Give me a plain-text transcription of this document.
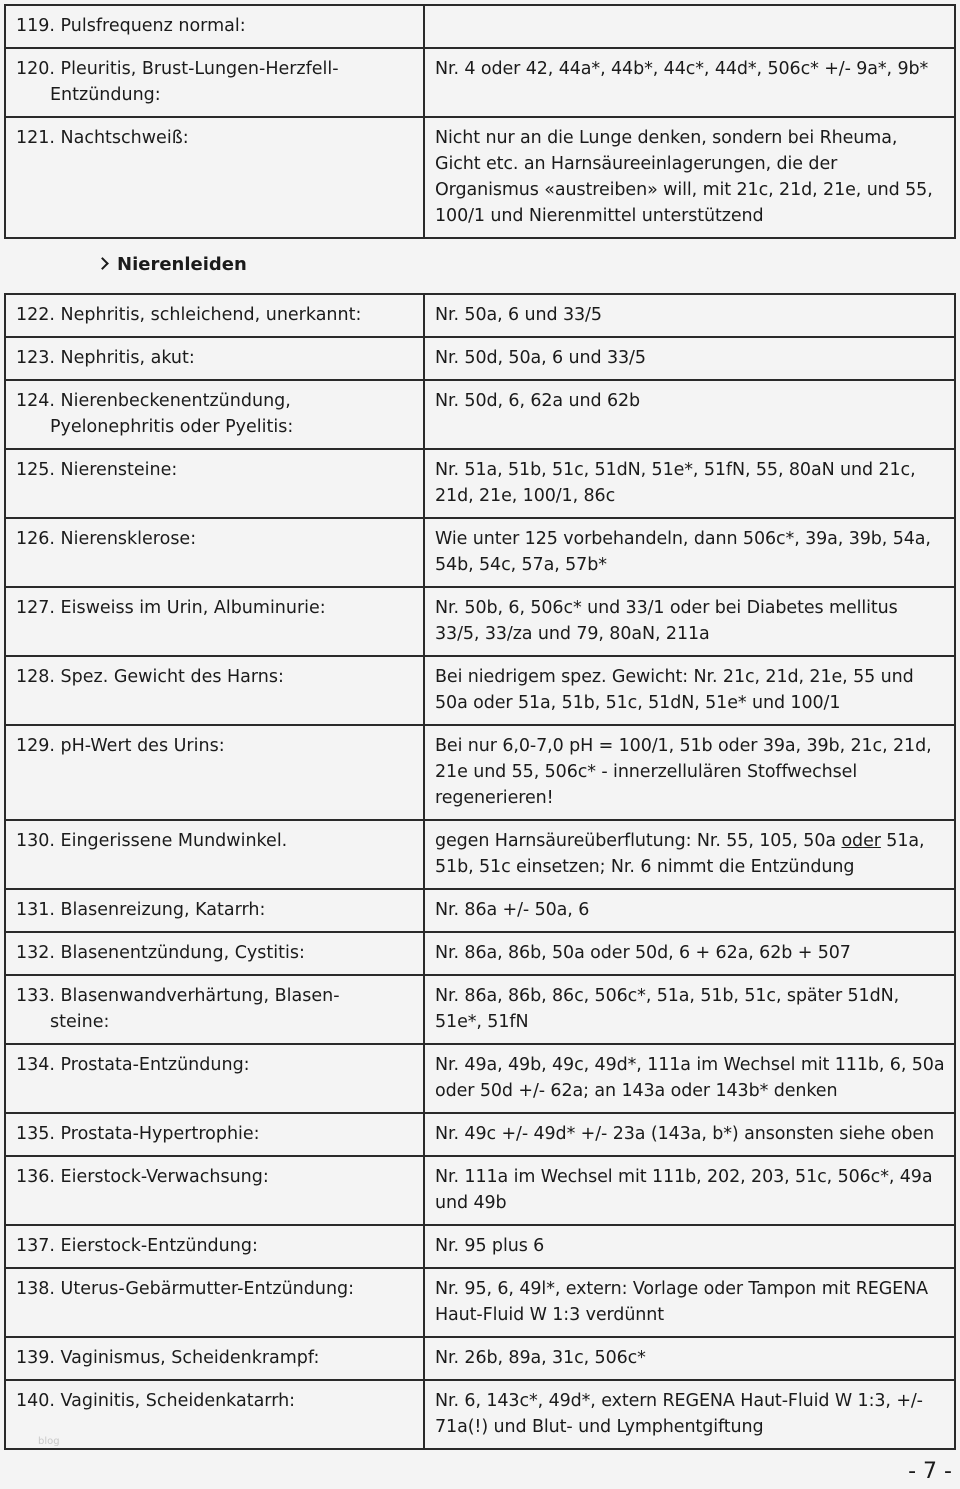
119. Pulsfrequenz normal:	
120. Pleuritis, Brust-Lungen-Herzfell-
Entzündung:	Nr. 4 oder 42, 44a*, 44b*, 44c*, 44d*, 506c* +/- 9a*, 9b*
121. Nachtschweiß:	Nicht nur an die Lunge denken, sondern bei Rheuma, Gicht etc. an Harnsäureeinlagerungen, die der Organismus «austreiben» will, mit 21c, 21d, 21e, und 55, 100/1 und Nierenmittel unterstützend
Nierenleiden
122. Nephritis, schleichend, unerkannt:	Nr. 50a, 6 und 33/5
123. Nephritis, akut:	Nr. 50d, 50a, 6 und 33/5
124. Nierenbeckenentzündung,
Pyelonephritis oder Pyelitis:	Nr. 50d, 6, 62a und 62b
125. Nierensteine:	Nr. 51a, 51b, 51c, 51dN, 51e*, 51fN, 55, 80aN und 21c, 21d, 21e, 100/1, 86c
126. Nierensklerose:	Wie unter 125 vorbehandeln, dann 506c*, 39a, 39b, 54a, 54b, 54c, 57a, 57b*
127. Eisweiss im Urin, Albuminurie:	Nr. 50b, 6, 506c* und 33/1 oder bei Diabetes mellitus 33/5, 33/za und 79, 80aN, 211a
128. Spez. Gewicht des Harns:	Bei niedrigem spez. Gewicht: Nr. 21c, 21d, 21e, 55 und 50a oder 51a, 51b, 51c, 51dN, 51e* und 100/1
129. pH-Wert des Urins:	Bei nur 6,0-7,0 pH = 100/1, 51b oder 39a, 39b, 21c, 21d, 21e und 55, 506c* - innerzellulären Stoffwechsel regenerieren!
130. Eingerissene Mundwinkel.	gegen Harnsäureüberflutung: Nr. 55, 105, 50a oder 51a, 51b, 51c einsetzen; Nr. 6 nimmt die Entzündung
131. Blasenreizung, Katarrh:	Nr. 86a +/- 50a, 6
132. Blasenentzündung, Cystitis:	Nr. 86a, 86b, 50a oder 50d, 6 + 62a, 62b + 507
133. Blasenwandverhärtung, Blasen-
steine:	Nr. 86a, 86b, 86c, 506c*, 51a, 51b, 51c, später 51dN, 51e*, 51fN
134. Prostata-Entzündung:	Nr. 49a, 49b, 49c, 49d*, 111a im Wechsel mit 111b, 6, 50a oder 50d +/- 62a; an 143a oder 143b* denken
135. Prostata-Hypertrophie:	Nr. 49c +/- 49d* +/- 23a (143a, b*) ansonsten siehe oben
136. Eierstock-Verwachsung:	Nr. 111a im Wechsel mit 111b, 202, 203, 51c, 506c*, 49a und 49b
137. Eierstock-Entzündung:	Nr. 95 plus 6
138. Uterus-Gebärmutter-Entzündung:	Nr. 95, 6, 49l*, extern: Vorlage oder Tampon mit REGENA Haut-Fluid W 1:3 verdünnt
139. Vaginismus, Scheidenkrampf:	Nr. 26b, 89a, 31c, 506c*
140. Vaginitis, Scheidenkatarrh:	Nr. 6, 143c*, 49d*, extern REGENA Haut-Fluid W 1:3, +/- 71a(!) und Blut- und Lymphentgiftung
blog
- 7 -
